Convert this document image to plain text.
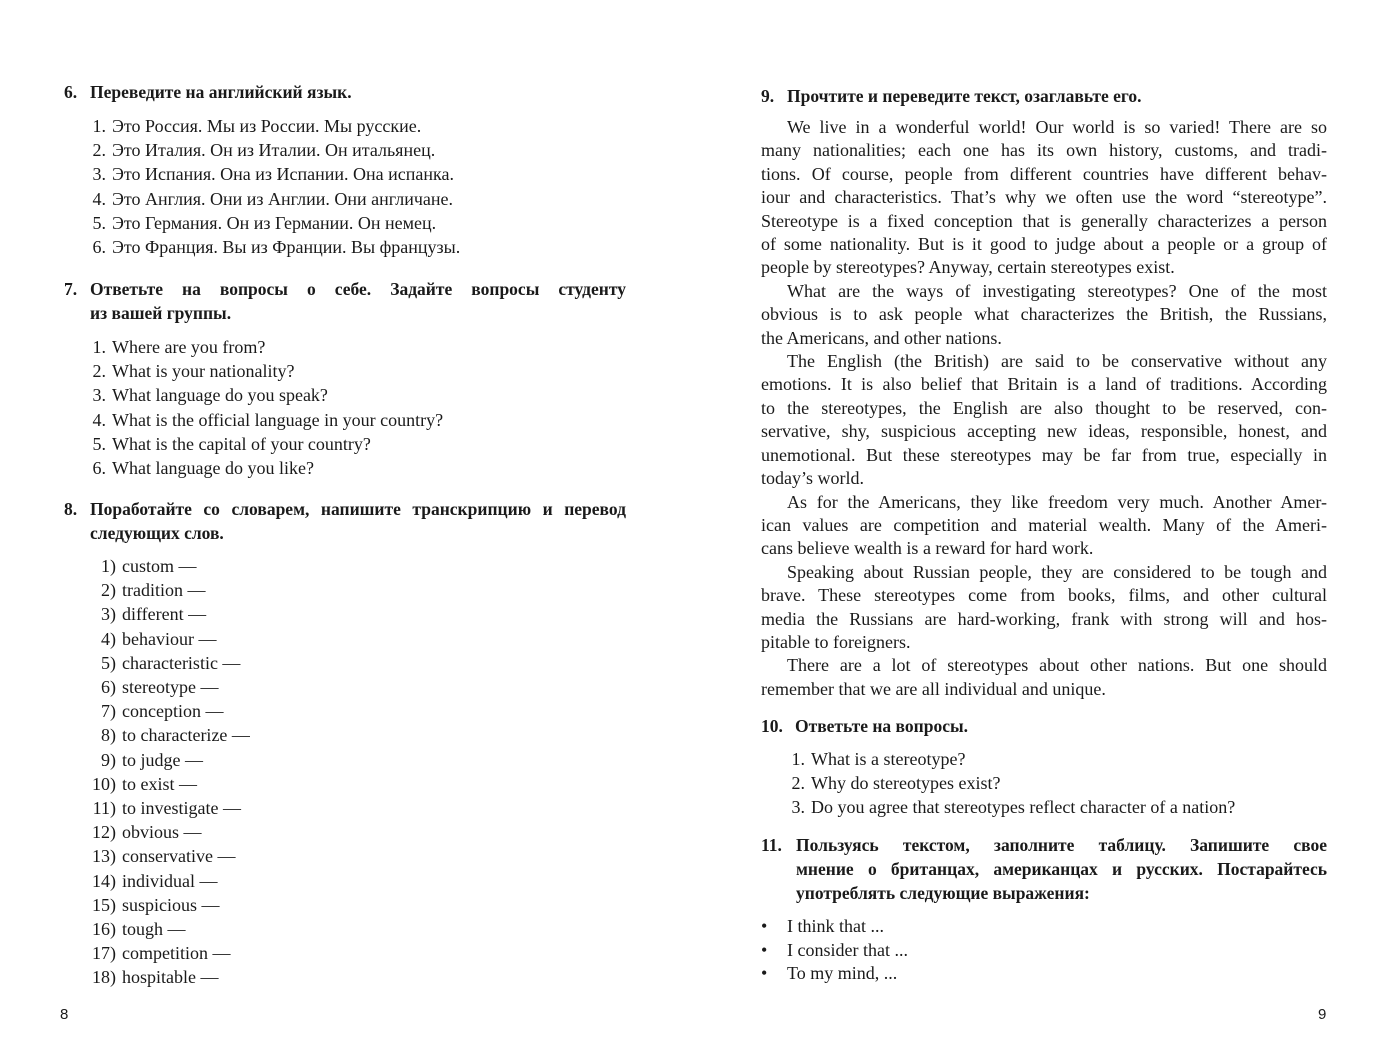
6. Переведите на английский язык.
1. Это Россия. Мы из России. Мы русские.
2. Это Италия. Он из Италии. Он итальянец.
3. Это Испания. Она из Испании. Она испанка.
4. Это Англия. Они из Англии. Они англичане.
5. Это Германия. Он из Германии. Он немец.
6. Это Франция. Вы из Франции. Вы французы.
7. Ответьте на вопросы о себе. Задайте вопросы студенту
из вашей группы.
1. Where are you from?
2. What is your nationality?
3. What language do you speak?
4. What is the official language in your country?
5. What is the capital of your country?
6. What language do you like?
8. Поработайте со словарем, напишите транскрипцию и перевод
следующих слов.
1) custom —
2) tradition —
3) different —
4) behaviour —
5) characteristic —
6) stereotype —
7) conception —
8) to characterize —
9) to judge —
10) to exist —
11) to investigate —
12) obvious —
13) conservative —
14) individual —
15) suspicious —
16) tough —
17) competition —
18) hospitable —
8
9. Прочтите и переведите текст, озаглавьте его.
We live in a wonderful world! Our world is so varied! There are so
many nationalities; each one has its own history, customs, and tradi-
tions. Of course, people from different countries have different behav-
iour and characteristics. That’s why we often use the word “stereotype”.
Stereotype is a fixed conception that is generally characterizes a person
of some nationality. But is it good to judge about a people or a group of
people by stereotypes? Anyway, certain stereotypes exist.
What are the ways of investigating stereotypes? One of the most
obvious is to ask people what characterizes the British, the Russians,
the Americans, and other nations.
The English (the British) are said to be conservative without any
emotions. It is also belief that Britain is a land of traditions. According
to the stereotypes, the English are also thought to be reserved, con-
servative, shy, suspicious accepting new ideas, responsible, honest, and
unemotional. But these stereotypes may be far from true, especially in
today’s world.
As for the Americans, they like freedom very much. Another Amer-
ican values are competition and material wealth. Many of the Ameri-
cans believe wealth is a reward for hard work.
Speaking about Russian people, they are considered to be tough and
brave. These stereotypes come from books, films, and other cultural
media the Russians are hard-working, frank with strong will and hos-
pitable to foreigners.
There are a lot of stereotypes about other nations. But one should
remember that we are all individual and unique.
10. Ответьте на вопросы.
1. What is a stereotype?
2. Why do stereotypes exist?
3. Do you agree that stereotypes reflect character of a nation?
11. Пользуясь текстом, заполните таблицу. Запишите свое
мнение о британцах, американцах и русских. Постарайтесь
употреблять следующие выражения:
•	I think that ...
•	I consider that ...
•	To my mind, ...
9
